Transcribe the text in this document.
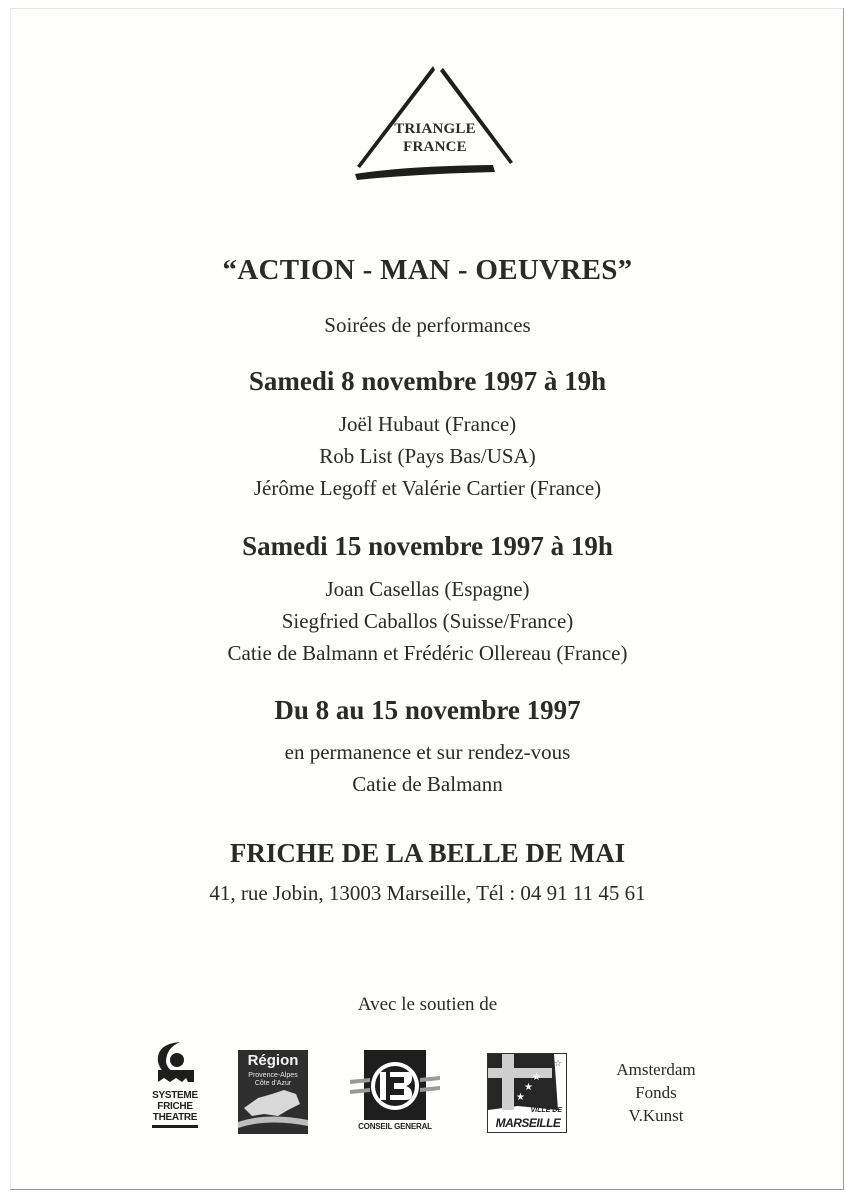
TRIANGLE
FRANCE
“ACTION - MAN - OEUVRES”
Soirées de performances
Samedi 8 novembre 1997 à 19h
Joël Hubaut (France)
Rob List (Pays Bas/USA)
Jérôme Legoff et Valérie Cartier (France)
Samedi 15 novembre 1997 à 19h
Joan Casellas (Espagne)
Siegfried Caballos (Suisse/France)
Catie de Balmann et Frédéric Ollereau (France)
Du 8 au 15 novembre 1997
en permanence et sur rendez-vous
Catie de Balmann
FRICHE DE LA BELLE DE MAI
41, rue Jobin, 13003 Marseille, Tél : 04 91 11 45 61
Avec le soutien de
SYSTEME
FRICHE
THEATRE
Région
Provence-Alpes
Côte d'Azur
CONSEIL GENERAL
★
★
★
☆
VILLE DE
MARSEILLE
Amsterdam
Fonds
V.Kunst
